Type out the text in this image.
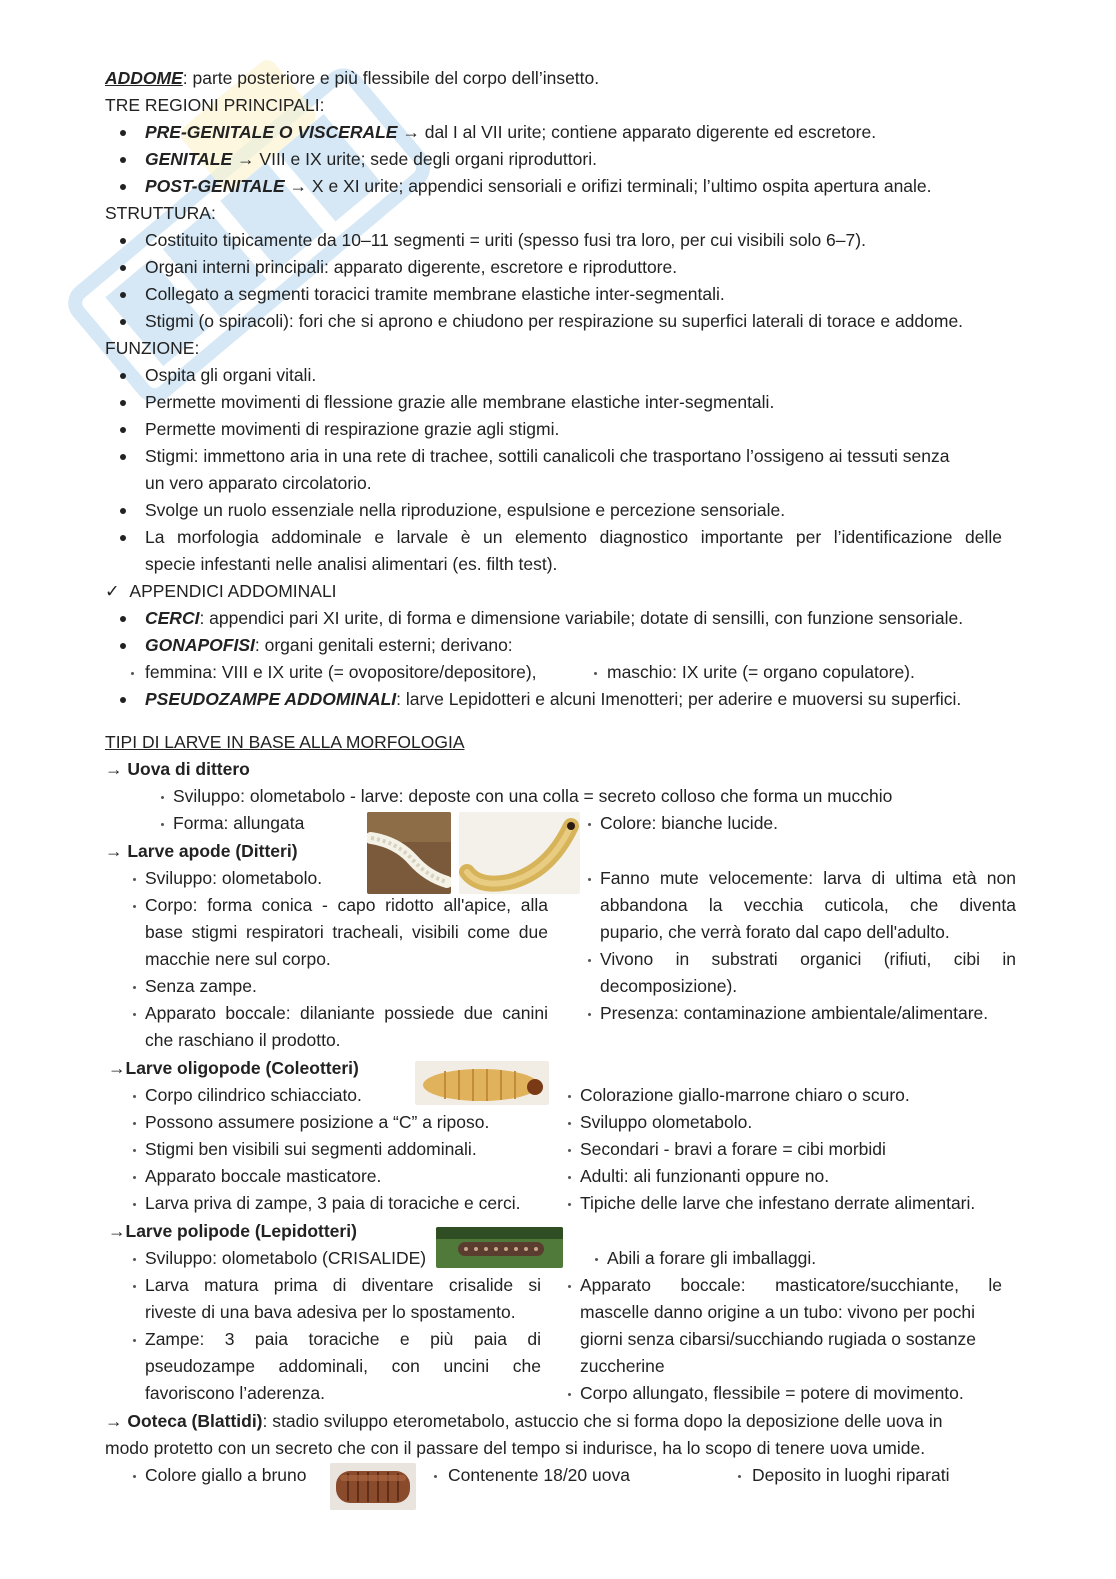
ADDOME: parte posteriore e più flessibile del corpo dell’insetto.
TRE REGIONI PRINCIPALI:
PRE-GENITALE O VISCERALE → dal I al VII urite; contiene apparato digerente ed escretore.
GENITALE → VIII e IX urite; sede degli organi riproduttori.
POST-GENITALE → X e XI urite; appendici sensoriali e orifizi terminali; l’ultimo ospita apertura anale.
STRUTTURA:
Costituito tipicamente da 10–11 segmenti = uriti (spesso fusi tra loro, per cui visibili solo 6–7).
Organi interni principali: apparato digerente, escretore e riproduttore.
Collegato a segmenti toracici tramite membrane elastiche inter-segmentali.
Stigmi (o spiracoli): fori che si aprono e chiudono per respirazione su superfici laterali di torace e addome.
FUNZIONE:
Ospita gli organi vitali.
Permette movimenti di flessione grazie alle membrane elastiche inter-segmentali.
Permette movimenti di respirazione grazie agli stigmi.
Stigmi: immettono aria in una rete di trachee, sottili canalicoli che trasportano l’ossigeno ai tessuti senza
un vero apparato circolatorio.
Svolge un ruolo essenziale nella riproduzione, espulsione e percezione sensoriale.
La morfologia addominale e larvale è un elemento diagnostico importante per l’identificazione delle
specie infestanti nelle analisi alimentari (es. filth test).
✓ APPENDICI ADDOMINALI
CERCI: appendici pari XI urite, di forma e dimensione variabile; dotate di sensilli, con funzione sensoriale.
GONAPOFISI: organi genitali esterni; derivano:
femmina: VIII e IX urite (= ovopositore/depositore),	maschio: IX urite (= organo copulatore).
PSEUDOZAMPE ADDOMINALI: larve Lepidotteri e alcuni Imenotteri; per aderire e muoversi su superfici.
TIPI DI LARVE IN BASE ALLA MORFOLOGIA
→ Uova di dittero
Sviluppo: olometabolo - larve: deposte con una colla = secreto colloso che forma un mucchio
Forma: allungata	Colore: bianche lucide.
→ Larve apode (Ditteri)
Sviluppo: olometabolo.
Corpo: forma conica - capo ridotto all'apice, alla
base stigmi respiratori tracheali, visibili come due
macchie nere sul corpo.
Senza zampe.
Apparato boccale: dilaniante possiede due canini
che raschiano il prodotto.
Fanno mute velocemente: larva di ultima età non
abbandona la vecchia cuticola, che diventa
pupario, che verrà forato dal capo dell'adulto.
Vivono in substrati organici (rifiuti, cibi in
decomposizione).
Presenza: contaminazione ambientale/alimentare.
→Larve oligopode (Coleotteri)
Corpo cilindrico schiacciato.
Possono assumere posizione a “C” a riposo.
Stigmi ben visibili sui segmenti addominali.
Apparato boccale masticatore.
Larva priva di zampe, 3 paia di toraciche e cerci.
Colorazione giallo-marrone chiaro o scuro.
Sviluppo olometabolo.
Secondari - bravi a forare = cibi morbidi
Adulti: ali funzionanti oppure no.
Tipiche delle larve che infestano derrate alimentari.
→Larve polipode (Lepidotteri)
Sviluppo: olometabolo (CRISALIDE)
Larva matura prima di diventare crisalide si
riveste di una bava adesiva per lo spostamento.
Zampe: 3 paia toraciche e più paia di
pseudozampe addominali, con uncini che
favoriscono l’aderenza.
Abili a forare gli imballaggi.
Apparato boccale: masticatore/succhiante, le
mascelle danno origine a un tubo: vivono per pochi
giorni senza cibarsi/succhiando rugiada o sostanze
zuccherine
Corpo allungato, flessibile = potere di movimento.
→ Ooteca (Blattidi): stadio sviluppo eterometabolo, astuccio che si forma dopo la deposizione delle uova in
modo protetto con un secreto che con il passare del tempo si indurisce, ha lo scopo di tenere uova umide.
Colore giallo a bruno	Contenente 18/20 uova	Deposito in luoghi riparati
